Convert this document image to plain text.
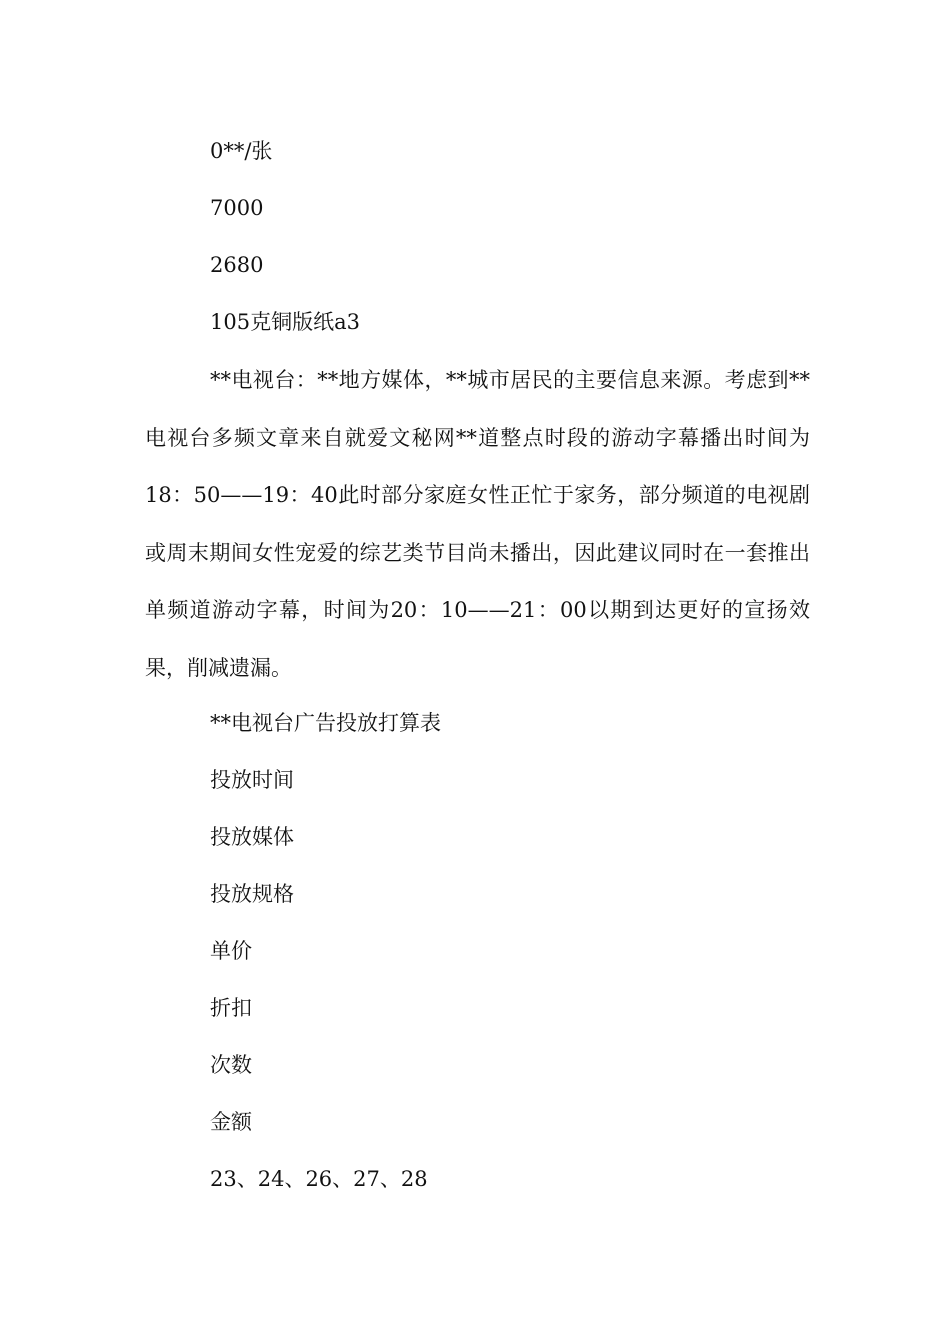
0**/张
7000
2680
105克铜版纸a3
**电视台：**地方媒体，**城市居民的主要信息来源。考虑到**电视台多频文章来自就爱文秘网**道整点时段的游动字幕播出时间为18：50——19：40此时部分家庭女性正忙于家务，部分频道的电视剧或周末期间女性宠爱的综艺类节目尚未播出，因此建议同时在一套推出单频道游动字幕，时间为20：10——21：00以期到达更好的宣扬效果，削减遗漏。
**电视台广告投放打算表
投放时间
投放媒体
投放规格
单价
折扣
次数
金额
23、24、26、27、28
